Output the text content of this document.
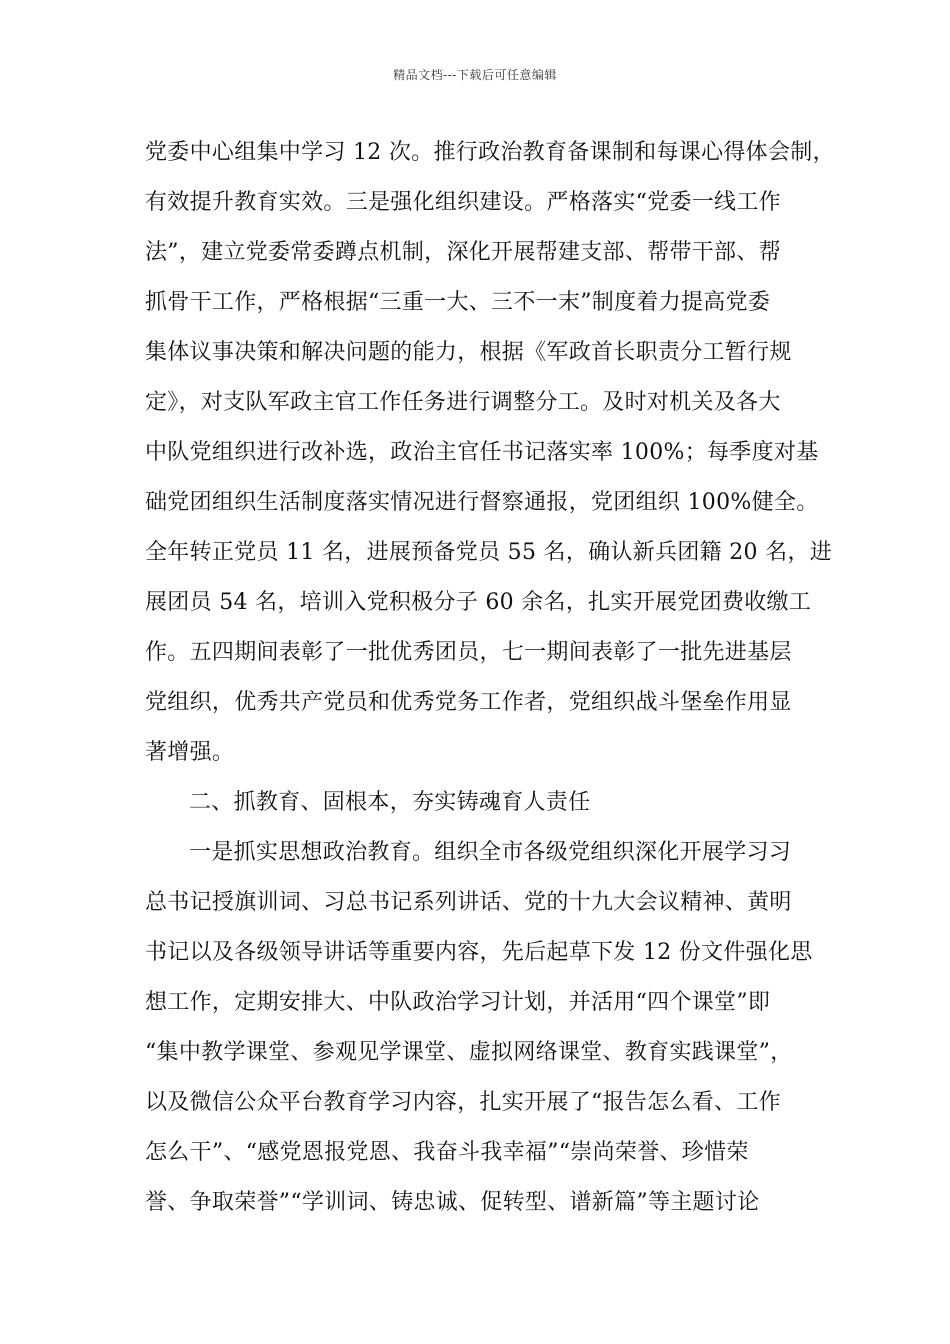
精品文档---下载后可任意编辑
党委中心组集中学习 12 次。推行政治教育备课制和每课心得体会制，
有效提升教育实效。三是强化组织建设。严格落实“党委一线工作
法”，建立党委常委蹲点机制，深化开展帮建支部、帮带干部、帮
抓骨干工作，严格根据“三重一大、三不一末”制度着力提高党委
集体议事决策和解决问题的能力，根据《军政首长职责分工暂行规
定》，对支队军政主官工作任务进行调整分工。及时对机关及各大
中队党组织进行改补选，政治主官任书记落实率 100%；每季度对基
础党团组织生活制度落实情况进行督察通报，党团组织 100%健全。
全年转正党员 11 名，进展预备党员 55 名，确认新兵团籍 20 名，进
展团员 54 名，培训入党积极分子 60 余名，扎实开展党团费收缴工
作。五四期间表彰了一批优秀团员，七一期间表彰了一批先进基层
党组织，优秀共产党员和优秀党务工作者，党组织战斗堡垒作用显
著增强。
二、抓教育、固根本，夯实铸魂育人责任
一是抓实思想政治教育。组织全市各级党组织深化开展学习习
总书记授旗训词、习总书记系列讲话、党的十九大会议精神、黄明
书记以及各级领导讲话等重要内容，先后起草下发 12 份文件强化思
想工作，定期安排大、中队政治学习计划，并活用“四个课堂”即
“集中教学课堂、参观见学课堂、虚拟网络课堂、教育实践课堂”，
以及微信公众平台教育学习内容，扎实开展了“报告怎么看、工作
怎么干”、“感党恩报党恩、我奋斗我幸福”“崇尚荣誉、珍惜荣
誉、争取荣誉”“学训词、铸忠诚、促转型、谱新篇”等主题讨论
